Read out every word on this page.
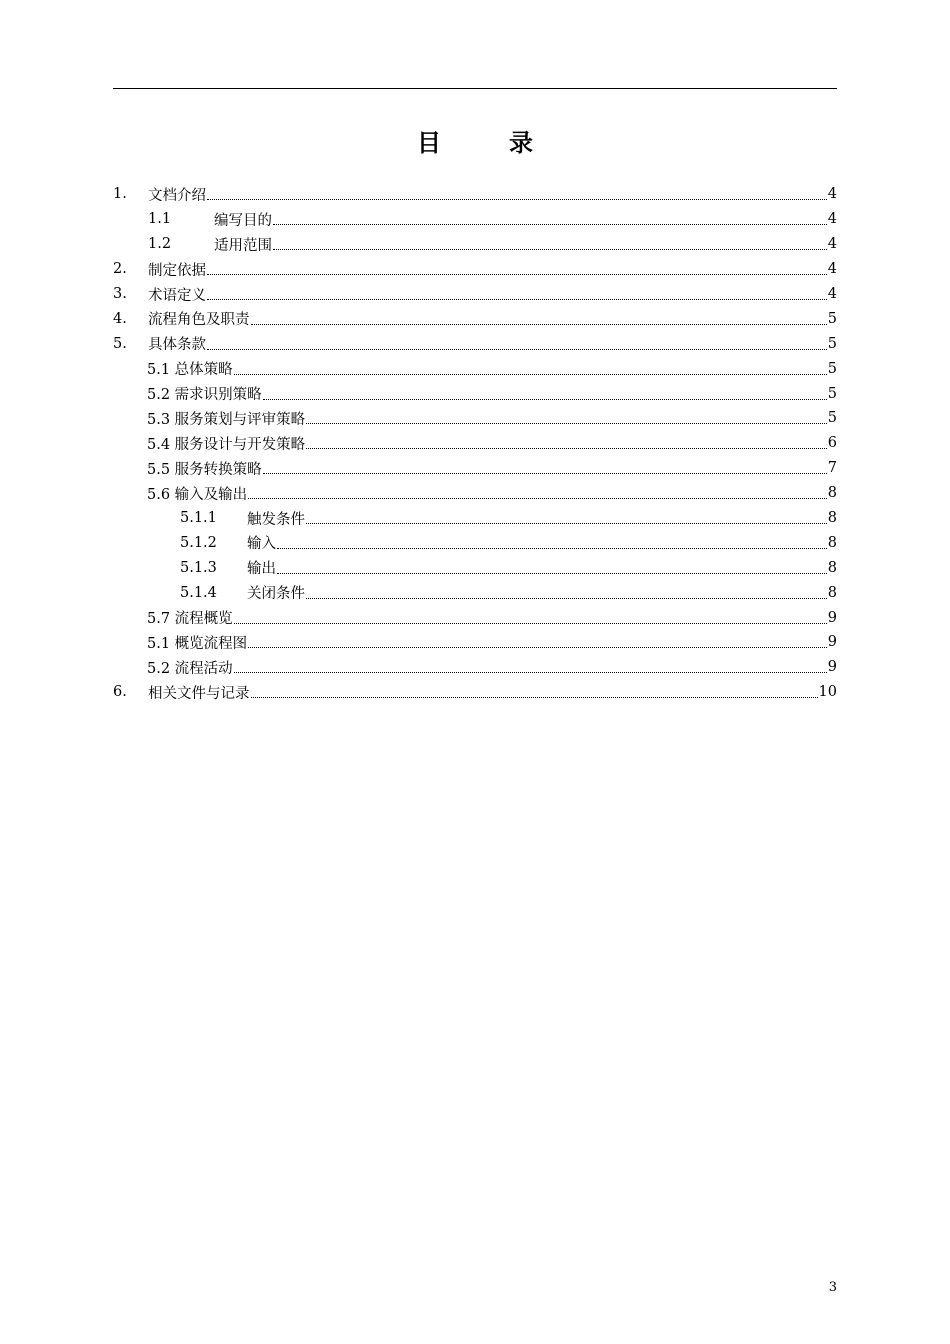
目　录
1. 文档介绍	4
1.1	编写目的	4
1.2	适用范围	4
2. 制定依据	4
3. 术语定义	4
4. 流程角色及职责	5
5. 具体条款	5
5.1 总体策略	5
5.2 需求识别策略	5
5.3 服务策划与评审策略	5
5.4 服务设计与开发策略	6
5.5 服务转换策略	7
5.6 输入及输出	8
5.1.1 触发条件	8
5.1.2 输入	8
5.1.3 输出	8
5.1.4 关闭条件	8
5.7 流程概览	9
5.1 概览流程图	9
5.2 流程活动	9
6. 相关文件与记录	10
3
